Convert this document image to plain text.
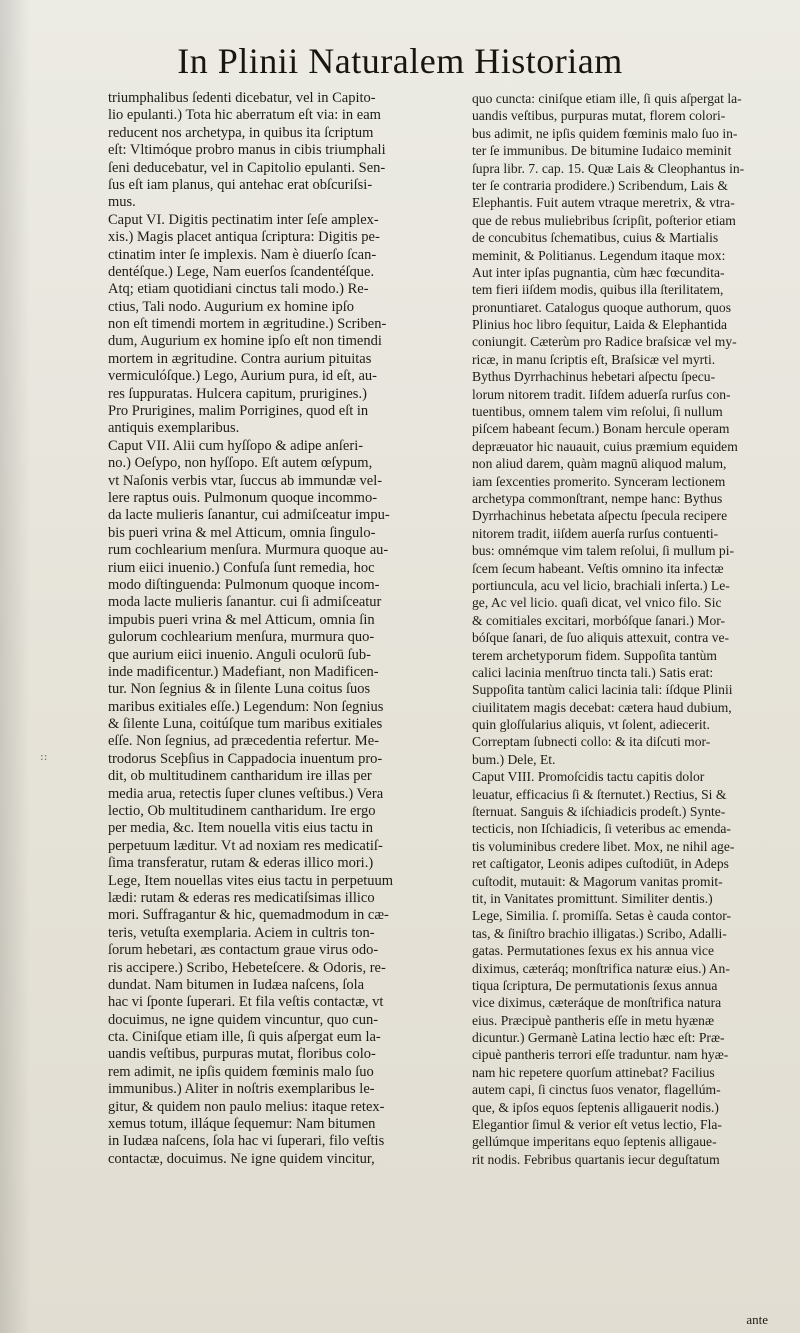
In Plinii Naturalem Historiam
::
triumphalibus ſedenti dicebatur, vel in Capito-
lio epulanti.) Tota hic aberratum eſt via: in eam
reducent nos archetypa, in quibus ita ſcriptum
eſt: Vltimóque probro manus in cibis triumphali
ſeni deducebatur, vel in Capitolio epulanti. Sen-
ſus eſt iam planus, qui antehac erat obſcuriſsi-
mus.
Caput VI. Digitis pectinatim inter ſeſe amplex-
xis.) Magis placet antiqua ſcriptura: Digitis pe-
ctinatim inter ſe implexis. Nam è diuerſo ſcan-
dentéſque.) Lege, Nam euerſos ſcandentéſque.
Atq; etiam quotidiani cinctus tali modo.) Re-
ctius, Tali nodo. Augurium ex homine ipſo
non eſt timendi mortem in ægritudine.) Scriben-
dum, Augurium ex homine ipſo eſt non timendi
mortem in ægritudine. Contra aurium pituitas
vermiculóſque.) Lego, Aurium pura, id eſt, au-
res ſuppuratas. Hulcera capitum, prurigines.)
Pro Prurigines, malim Porrigines, quod eſt in
antiquis exemplaribus.
Caput VII. Alii cum hyſſopo & adipe anſeri-
no.) Oeſypo, non hyſſopo. Eſt autem œſypum,
vt Naſonis verbis vtar, ſuccus ab immundæ vel-
lere raptus ouis. Pulmonum quoque incommo-
da lacte mulieris ſanantur, cui admiſceatur impu-
bis pueri vrina & mel Atticum, omnia ſingulo-
rum cochlearium menſura. Murmura quoque au-
rium eiici inuenio.) Confuſa ſunt remedia, hoc
modo diſtinguenda: Pulmonum quoque incom-
moda lacte mulieris ſanantur. cui ſi admiſceatur
impubis pueri vrina & mel Atticum, omnia ſin
gulorum cochlearium menſura, murmura quo-
que aurium eiici inuenio. Anguli oculorū ſub-
inde madificentur.) Madefiant, non Madificen-
tur. Non ſegnius & in ſilente Luna coitus ſuos
maribus exitiales eſſe.) Legendum: Non ſegnius
& ſilente Luna, coitúſque tum maribus exitiales
eſſe. Non ſegnius, ad præcedentia refertur. Me-
trodorus Sceþſius in Cappadocia inuentum pro-
dit, ob multitudinem cantharidum ire illas per
media arua, retectis ſuper clunes veſtibus.) Vera
lectio, Ob multitudinem cantharidum. Ire ergo
per media, &c. Item nouella vitis eius tactu in
perpetuum læditur. Vt ad noxiam res medicatiſ-
ſima transferatur, rutam & ederas illico mori.)
Lege, Item nouellas vites eius tactu in perpetuum
lædi: rutam & ederas res medicatiſsimas illico
mori. Suffragantur & hic, quemadmodum in cæ-
teris, vetuſta exemplaria. Aciem in cultris ton-
ſorum hebetari, æs contactum graue virus odo-
ris accipere.) Scribo, Hebeteſcere. & Odoris, re-
dundat. Nam bitumen in Iudæa naſcens, ſola
hac vi ſponte ſuperari. Et fila veſtis contactæ, vt
docuimus, ne igne quidem vincuntur, quo cun-
cta. Ciniſque etiam ille, ſi quis aſpergat eum la-
uandis veſtibus, purpuras mutat, floribus colo-
rem adimit, ne ipſis quidem fœminis malo ſuo
immunibus.) Aliter in noſtris exemplaribus le-
gitur, & quidem non paulo melius: itaque retex-
xemus totum, illáque ſequemur: Nam bitumen
in Iudæa naſcens, ſola hac vi ſuperari, filo veſtis
contactæ, docuimus. Ne igne quidem vincitur,
quo cuncta: ciniſque etiam ille, ſi quis aſpergat la-
uandis veſtibus, purpuras mutat, florem colori-
bus adimit, ne ipſis quidem fœminis malo ſuo in-
ter ſe immunibus. De bitumine Iudaico meminit
ſupra libr. 7. cap. 15. Quæ Lais & Cleophantus in-
ter ſe contraria prodidere.) Scribendum, Lais &
Elephantis. Fuit autem vtraque meretrix, & vtra-
que de rebus muliebribus ſcripſit, poſterior etiam
de concubitus ſchematibus, cuius & Martialis
meminit, & Politianus. Legendum itaque mox:
Aut inter ipſas pugnantia, cùm hæc fœcundita-
tem fieri iiſdem modis, quibus illa ſterilitatem,
pronuntiaret. Catalogus quoque authorum, quos
Plinius hoc libro ſequitur, Laida & Elephantida
coniungit. Cæterùm pro Radice braſsicæ vel my-
ricæ, in manu ſcriptis eſt, Braſsicæ vel myrti.
Bythus Dyrrhachinus hebetari aſpectu ſpecu-
lorum nitorem tradit. Iiſdem aduerſa rurſus con-
tuentibus, omnem talem vim reſolui, ſi nullum
piſcem habeant ſecum.) Bonam hercule operam
depræuator hic nauauit, cuius præmium equidem
non aliud darem, quàm magnū aliquod malum,
iam ſexcenties promerito. Synceram lectionem
archetypa commonſtrant, nempe hanc: Bythus
Dyrrhachinus hebetata aſpectu ſpecula recipere
nitorem tradit, iiſdem auerſa rurſus contuenti-
bus: omnémque vim talem reſolui, ſi mullum pi-
ſcem ſecum habeant. Veſtis omnino ita infectæ
portiuncula, acu vel licio, brachiali inſerta.) Le-
ge, Ac vel licio. quaſi dicat, vel vnico filo. Sic
& comitiales excitari, morbóſque ſanari.) Mor-
bóſque ſanari, de ſuo aliquis attexuit, contra ve-
terem archetyporum fidem. Suppoſita tantùm
calici lacinia menſtruo tincta tali.) Satis erat:
Suppoſita tantùm calici lacinia tali: íſdque Plinii
ciuilitatem magis decebat: cætera haud dubium,
quin gloſſularius aliquis, vt ſolent, adiecerit.
Correptam ſubnecti collo: & ita diſcuti mor-
bum.) Dele, Et.
Caput VIII. Promoſcidis tactu capitis dolor
leuatur, efficacius ſi & ſternutet.) Rectius, Si &
ſternuat. Sanguis & iſchiadicis prodeſt.) Synte-
tecticis, non Iſchiadicis, ſi veteribus ac emenda-
tis voluminibus credere libet. Mox, ne nihil age-
ret caſtigator, Leonis adipes cuſtodiūt, in Adeps
cuſtodit, mutauit: & Magorum vanitas promit-
tit, in Vanitates promittunt. Similiter dentis.)
Lege, Similia. ſ. promiſſa. Setas è cauda contor-
tas, & ſiniſtro brachio illigatas.) Scribo, Adalli-
gatas. Permutationes ſexus ex his annua vice
diximus, cæteráq; monſtrifica naturæ eius.) An-
tiqua ſcriptura, De permutationis ſexus annua
vice diximus, cæteráque de monſtrifica natura
eius. Præcipuè pantheris eſſe in metu hyænæ
dicuntur.) Germanè Latina lectio hæc eſt: Præ-
cipuè pantheris terrori eſſe traduntur. nam hyæ-
nam hic repetere quorſum attinebat? Facilius
autem capi, ſi cinctus ſuos venator, flagellúm-
que, & ipſos equos ſeptenis alligauerit nodis.)
Elegantior ſimul & verior eſt vetus lectio, Fla-
gellúmque imperitans equo ſeptenis alligaue-
rit nodis. Febribus quartanis iecur deguſtatum
ante
